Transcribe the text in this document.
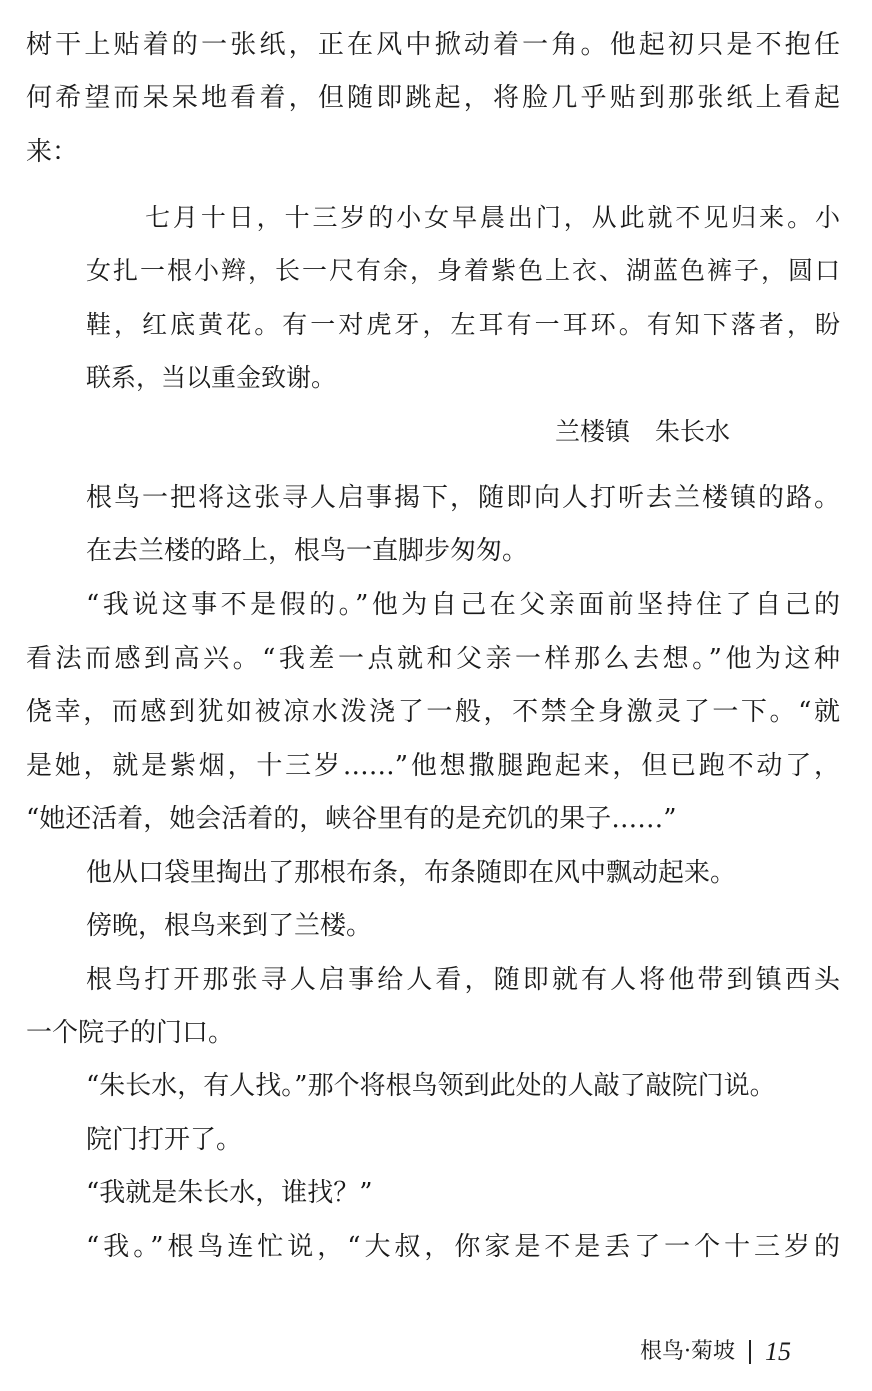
树干上贴着的一张纸，正在风中掀动着一角。他起初只是不抱任
何希望而呆呆地看着，但随即跳起，将脸几乎贴到那张纸上看起
来：
七月十日，十三岁的小女早晨出门，从此就不见归来。小
女扎一根小辫，长一尺有余，身着紫色上衣、湖蓝色裤子，圆口
鞋，红底黄花。有一对虎牙，左耳有一耳环。有知下落者，盼
联系，当以重金致谢。
兰楼镇　朱长水
根鸟一把将这张寻人启事揭下，随即向人打听去兰楼镇的路。
在去兰楼的路上，根鸟一直脚步匆匆。
“我说这事不是假的。”他为自己在父亲面前坚持住了自己的
看法而感到高兴。“我差一点就和父亲一样那么去想。”他为这种
侥幸，而感到犹如被凉水泼浇了一般，不禁全身激灵了一下。“就
是她，就是紫烟，十三岁……”他想撒腿跑起来，但已跑不动了，
“她还活着，她会活着的，峡谷里有的是充饥的果子……”
他从口袋里掏出了那根布条，布条随即在风中飘动起来。
傍晚，根鸟来到了兰楼。
根鸟打开那张寻人启事给人看，随即就有人将他带到镇西头
一个院子的门口。
“朱长水，有人找。”那个将根鸟领到此处的人敲了敲院门说。
院门打开了。
“我就是朱长水，谁找？”
“我。”根鸟连忙说，“大叔，你家是不是丢了一个十三岁的
根鸟·菊坡 15
